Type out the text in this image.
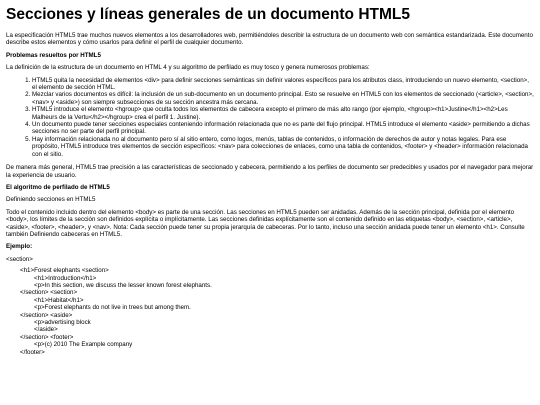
Secciones y líneas generales de un documento HTML5

La especificación HTML5 trae muchos nuevos elementos a los desarrolladores web, permitiéndoles describir la estructura de un documento web con semántica estandarizada. Este documento describe estos elementos y cómo usarlos para definir el perfil de cualquier documento.

Problemas resueltos por HTML5

La definición de la estructura de un documento en HTML 4 y su algoritmo de perfilado es muy tosco y genera numerosos problemas:

1. HTML5 quita la necesidad de elementos <div> para definir secciones semánticas sin definir valores específicos para los atributos class, introduciendo un nuevo elemento, <section>, el elemento de sección HTML.
2. Mezclar varios documentos es difícil: la inclusión de un sub-documento en un documento principal. Esto se resuelve en HTML5 con los elementos de seccionado (<article>, <section>, <nav> y <aside>) son siempre subsecciones de su sección ancestra más cercana.
3. HTML5 introduce el elemento <hgroup> que oculta todos los elementos de cabecera excepto el primero de más alto rango (por ejemplo, <hgroup><h1>Justine</h1><h2>Les Malheurs de la Vertu</h2></hgroup> crea el perfil 1. Justine).
4. Un documento puede tener secciones especiales conteniendo información relacionada que no es parte del flujo principal. HTML5 introduce el elemento <aside> permitiendo a dichas secciones no ser parte del perfil principal.
5. Hay información relacionada no al documento pero sí al sitio entero, como logos, menús, tablas de contenidos, o información de derechos de autor y notas legales. Para ese propósito, HTML5 introduce tres elementos de sección específicos: <nav> para colecciones de enlaces, como una tabla de contenidos, <footer> y <header> información relacionada con el sitio.

De manera más general, HTML5 trae precisión a las características de seccionado y cabecera, permitiendo a los perfiles de documento ser predecibles y usados por el navegador para mejorar la experiencia de usuario.

El algoritmo de perfilado de HTML5

Definiendo secciones en HTML5

Todo el contenido incluido dentro del elemento <body> es parte de una sección. Las secciones en HTML5 pueden ser anidadas. Además de la sección principal, definida por el elemento <body>, los límites de la sección son definidos explícita o implícitamente. Las secciones definidas explícitamente son el contenido definido en las etiquetas <body>, <section>, <article>, <aside>, <footer>, <header>, y <nav>. Nota: Cada sección puede tener su propia jerarquía de cabeceras. Por lo tanto, incluso una sección anidada puede tener un elemento <h1>. Consulte también Definiendo cabeceras en HTML5.

Ejemplo:
<section>
<h1>Forest elephants <section>
<h1>Introduction</h1>
<p>In this section, we discuss the lesser known forest elephants.
</section> <section>
<h1>Habitat</h1>
<p>Forest elephants do not live in trees but among them.
</section> <aside>
<p>advertising block
</aside>
</section> <footer>
<p>(c) 2010 The Example company
</footer>
